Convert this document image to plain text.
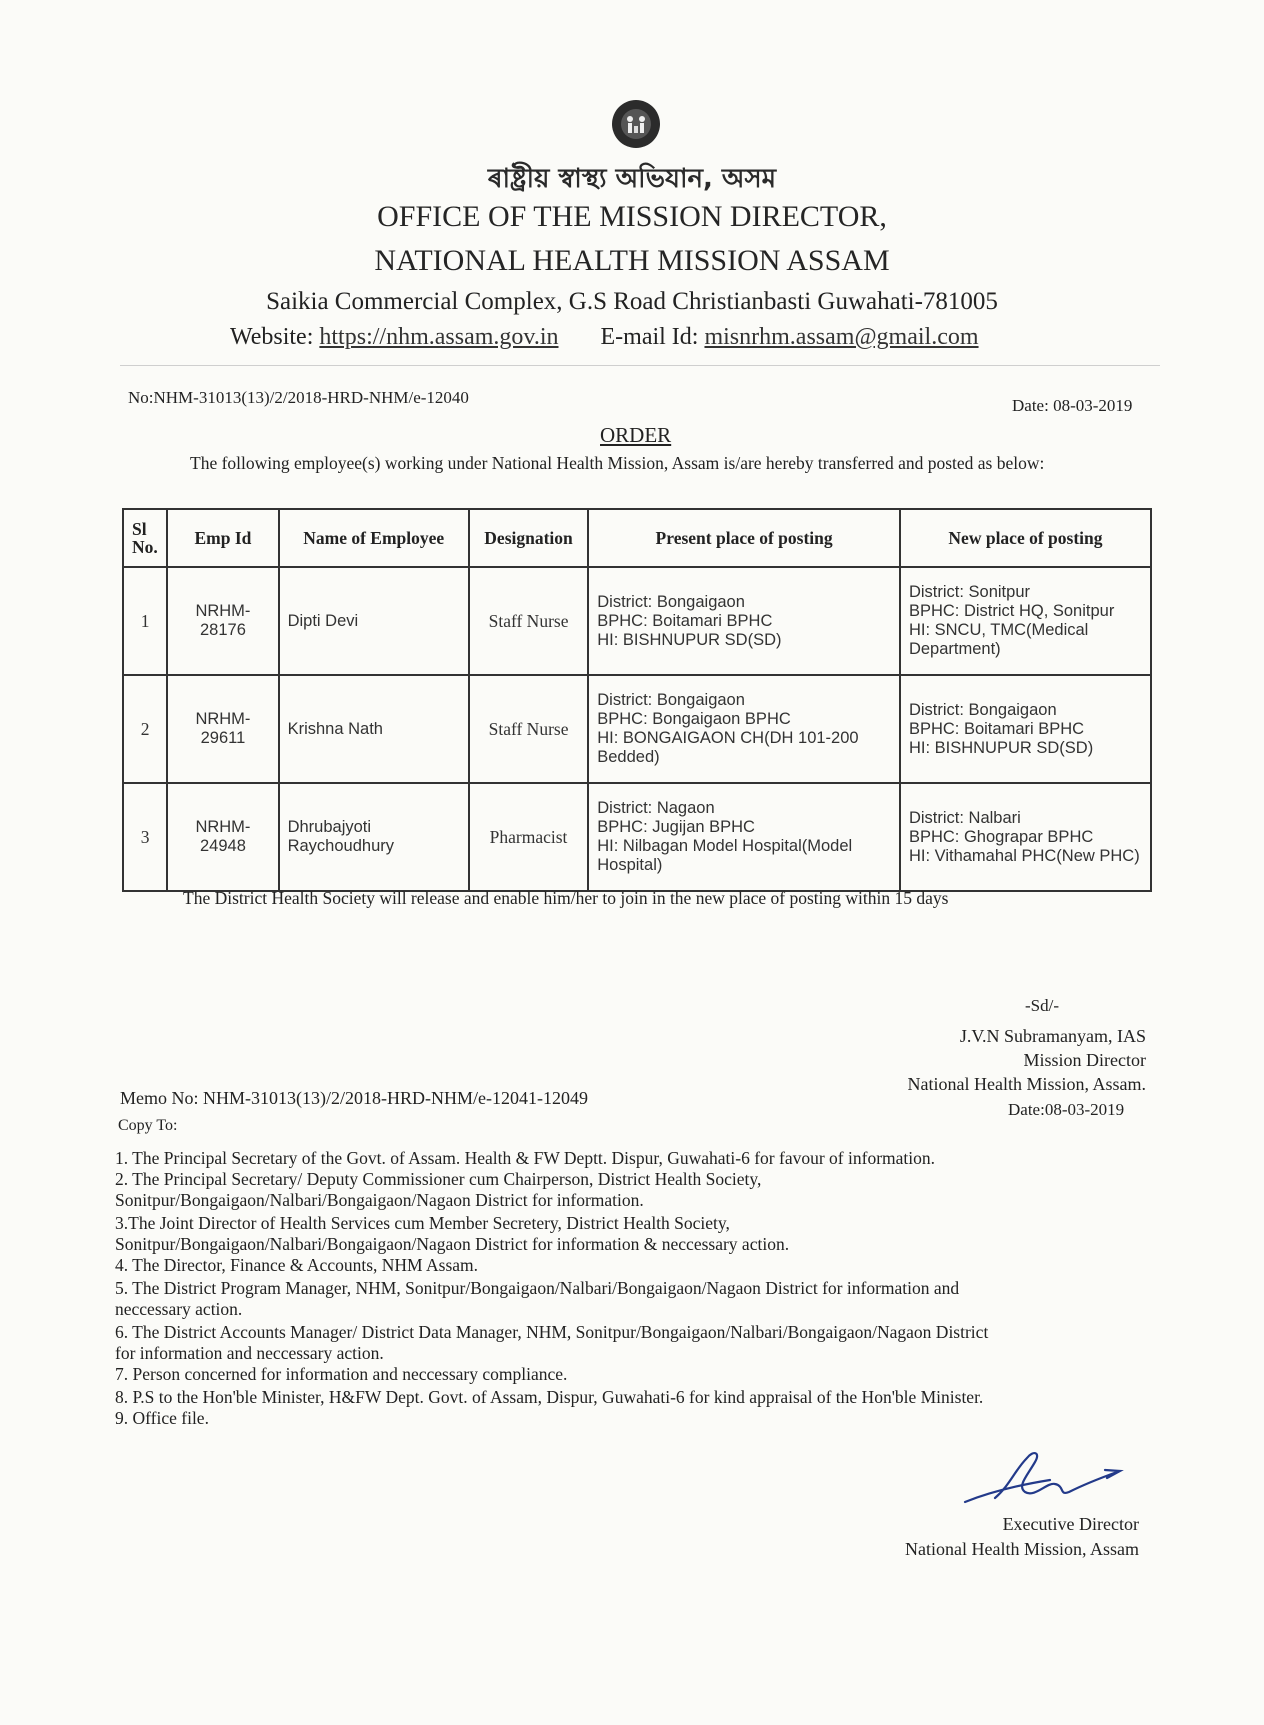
ৰাষ্ট্ৰীয় স্বাস্থ্য অভিযান, অসম
OFFICE OF THE MISSION DIRECTOR,
NATIONAL HEALTH MISSION ASSAM
Saikia Commercial Complex, G.S Road Christianbasti Guwahati-781005
Website: https://nhm.assam.gov.in E-mail Id: misnrhm.assam@gmail.com
No:NHM-31013(13)/2/2018-HRD-NHM/e-12040	Date: 08-03-2019
ORDER
The following employee(s) working under National Health Mission, Assam is/are hereby transferred and posted as below:
Sl
No.	Emp Id	Name of Employee	Designation	Present place of posting	New place of posting
1	NRHM-28176	Dipti Devi	Staff Nurse	District: Bongaigaon
BPHC: Boitamari BPHC
HI: BISHNUPUR SD(SD)	District: Sonitpur
BPHC: District HQ, Sonitpur
HI: SNCU, TMC(Medical Department)
2	NRHM-29611	Krishna Nath	Staff Nurse	District: Bongaigaon
BPHC: Bongaigaon BPHC
HI: BONGAIGAON CH(DH 101-200 Bedded)	District: Bongaigaon
BPHC: Boitamari BPHC
HI: BISHNUPUR SD(SD)
3	NRHM-24948	Dhrubajyoti Raychoudhury	Pharmacist	District: Nagaon
BPHC: Jugijan BPHC
HI: Nilbagan Model Hospital(Model Hospital)	District: Nalbari
BPHC: Ghograpar BPHC
HI: Vithamahal PHC(New PHC)
The District Health Society will release and enable him/her to join in the new place of posting within 15 days
-Sd/-
J.V.N Subramanyam, IAS
Mission Director
National Health Mission, Assam.
Memo No: NHM-31013(13)/2/2018-HRD-NHM/e-12041-12049
Date:08-03-2019
Copy To:
1. The Principal Secretary of the Govt. of Assam. Health & FW Deptt. Dispur, Guwahati-6 for favour of information.
2. The Principal Secretary/ Deputy Commissioner cum Chairperson, District Health Society,
Sonitpur/Bongaigaon/Nalbari/Bongaigaon/Nagaon District for information.
3.The Joint Director of Health Services cum Member Secretery, District Health Society,
Sonitpur/Bongaigaon/Nalbari/Bongaigaon/Nagaon District for information & neccessary action.
4. The Director, Finance & Accounts, NHM Assam.
5. The District Program Manager, NHM, Sonitpur/Bongaigaon/Nalbari/Bongaigaon/Nagaon District for information and
neccessary action.
6. The District Accounts Manager/ District Data Manager, NHM, Sonitpur/Bongaigaon/Nalbari/Bongaigaon/Nagaon District
for information and neccessary action.
7. Person concerned for information and neccessary compliance.
8. P.S to the Hon'ble Minister, H&FW Dept. Govt. of Assam, Dispur, Guwahati-6 for kind appraisal of the Hon'ble Minister.
9. Office file.
Executive Director
National Health Mission, Assam
